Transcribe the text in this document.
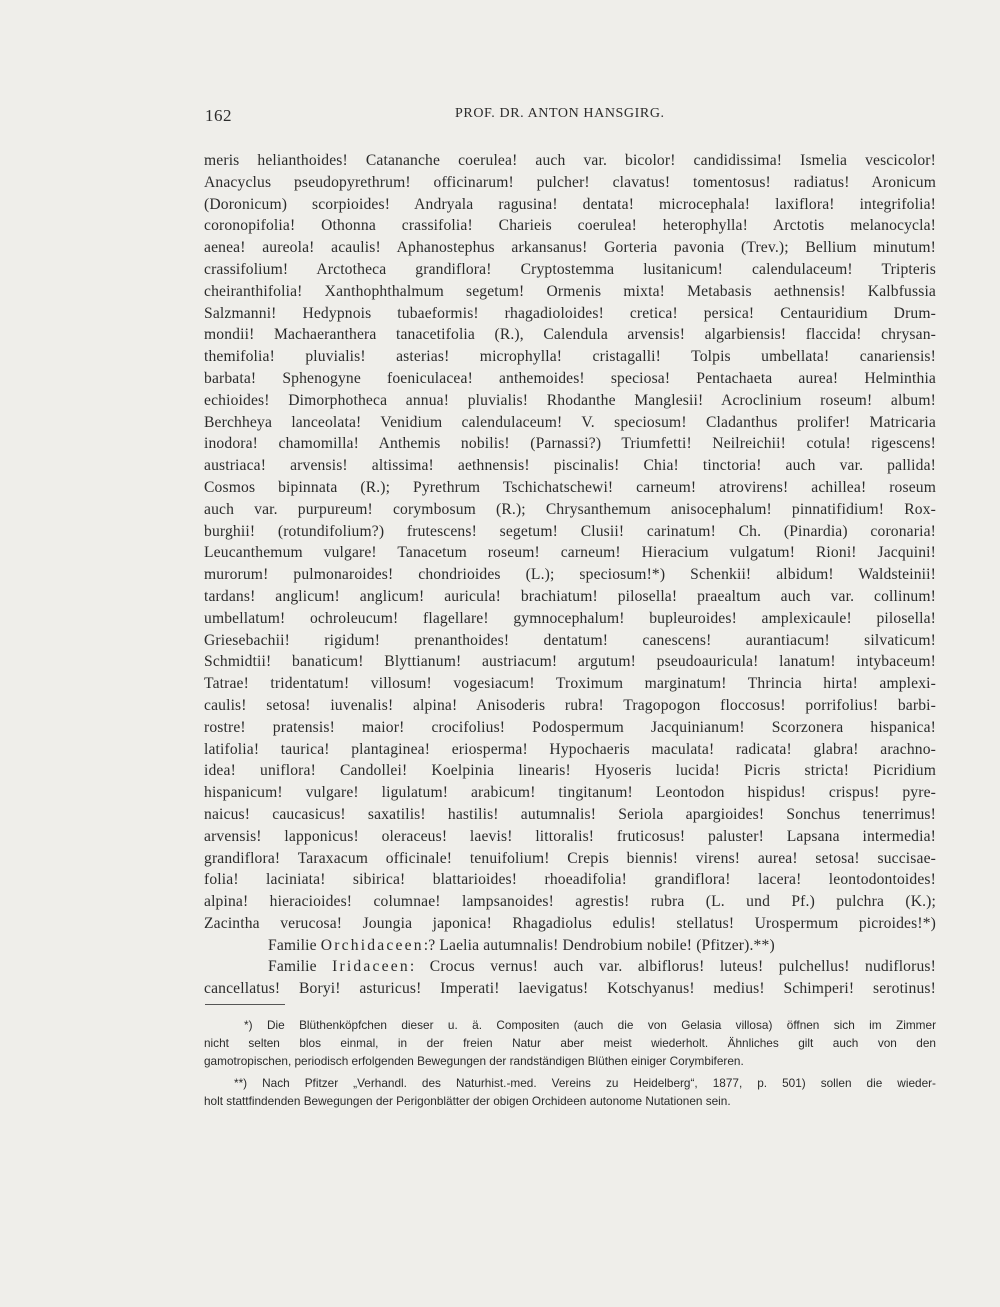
162	PROF. DR. ANTON HANSGIRG.
meris helianthoides! Catananche coerulea! auch var. bicolor! candidissima! Ismelia vescicolor!
Anacyclus pseudopyrethrum! officinarum! pulcher! clavatus! tomentosus! radiatus! Aronicum
(Doronicum) scorpioides! Andryala ragusina! dentata! microcephala! laxiflora! integrifolia!
coronopifolia! Othonna crassifolia! Charieis coerulea! heterophylla! Arctotis melanocycla!
aenea! aureola! acaulis! Aphanostephus arkansanus! Gorteria pavonia (Trev.); Bellium minutum!
crassifolium! Arctotheca grandiflora! Cryptostemma lusitanicum! calendulaceum! Tripteris
cheiranthifolia! Xanthophthalmum segetum! Ormenis mixta! Metabasis aethnensis! Kalbfussia
Salzmanni! Hedypnois tubaeformis! rhagadioloides! cretica! persica! Centauridium Drum-
mondii! Machaeranthera tanacetifolia (R.), Calendula arvensis! algarbiensis! flaccida! chrysan-
themifolia! pluvialis! asterias! microphylla! cristagalli! Tolpis umbellata! canariensis!
barbata! Sphenogyne foeniculacea! anthemoides! speciosa! Pentachaeta aurea! Helminthia
echioides! Dimorphotheca annua! pluvialis! Rhodanthe Manglesii! Acroclinium roseum! album!
Berchheya lanceolata! Venidium calendulaceum! V. speciosum! Cladanthus prolifer! Matricaria
inodora! chamomilla! Anthemis nobilis! (Parnassi?) Triumfetti! Neilreichii! cotula! rigescens!
austriaca! arvensis! altissima! aethnensis! piscinalis! Chia! tinctoria! auch var. pallida!
Cosmos bipinnata (R.); Pyrethrum Tschichatschewi! carneum! atrovirens! achillea! roseum
auch var. purpureum! corymbosum (R.); Chrysanthemum anisocephalum! pinnatifidium! Rox-
burghii! (rotundifolium?) frutescens! segetum! Clusii! carinatum! Ch. (Pinardia) coronaria!
Leucanthemum vulgare! Tanacetum roseum! carneum! Hieracium vulgatum! Rioni! Jacquini!
murorum! pulmonaroides! chondrioides (L.); speciosum!*) Schenkii! albidum! Waldsteinii!
tardans! anglicum! anglicum! auricula! brachiatum! pilosella! praealtum auch var. collinum!
umbellatum! ochroleucum! flagellare! gymnocephalum! bupleuroides! amplexicaule! pilosella!
Griesebachii! rigidum! prenanthoides! dentatum! canescens! aurantiacum! silvaticum!
Schmidtii! banaticum! Blyttianum! austriacum! argutum! pseudoauricula! lanatum! intybaceum!
Tatrae! tridentatum! villosum! vogesiacum! Troximum marginatum! Thrincia hirta! amplexi-
caulis! setosa! iuvenalis! alpina! Anisoderis rubra! Tragopogon floccosus! porrifolius! barbi-
rostre! pratensis! maior! crocifolius! Podospermum Jacquinianum! Scorzonera hispanica!
latifolia! taurica! plantaginea! eriosperma! Hypochaeris maculata! radicata! glabra! arachno-
idea! uniflora! Candollei! Koelpinia linearis! Hyoseris lucida! Picris stricta! Picridium
hispanicum! vulgare! ligulatum! arabicum! tingitanum! Leontodon hispidus! crispus! pyre-
naicus! caucasicus! saxatilis! hastilis! autumnalis! Seriola apargioides! Sonchus tenerrimus!
arvensis! lapponicus! oleraceus! laevis! littoralis! fruticosus! paluster! Lapsana intermedia!
grandiflora! Taraxacum officinale! tenuifolium! Crepis biennis! virens! aurea! setosa! succisae-
folia! laciniata! sibirica! blattarioides! rhoeadifolia! grandiflora! lacera! leontodontoides!
alpina! hieracioides! columnae! lampsanoides! agrestis! rubra (L. und Pf.) pulchra (K.);
Zacintha verucosa! Joungia japonica! Rhagadiolus edulis! stellatus! Urospermum picroides!*)
Familie Orchidaceen:? Laelia autumnalis! Dendrobium nobile! (Pfitzer).**)
Familie Iridaceen: Crocus vernus! auch var. albiflorus! luteus! pulchellus! nudiflorus!
cancellatus! Boryi! asturicus! Imperati! laevigatus! Kotschyanus! medius! Schimperi! serotinus!
*) Die Blüthenköpfchen dieser u. ä. Compositen (auch die von Gelasia villosa) öffnen sich im Zimmer
nicht selten blos einmal, in der freien Natur aber meist wiederholt. Ähnliches gilt auch von den
gamotropischen, periodisch erfolgenden Bewegungen der randständigen Blüthen einiger Corymbiferen.
**) Nach Pfitzer „Verhandl. des Naturhist.-med. Vereins zu Heidelberg“, 1877, p. 501) sollen die wieder-
holt stattfindenden Bewegungen der Perigonblätter der obigen Orchideen autonome Nutationen sein.
